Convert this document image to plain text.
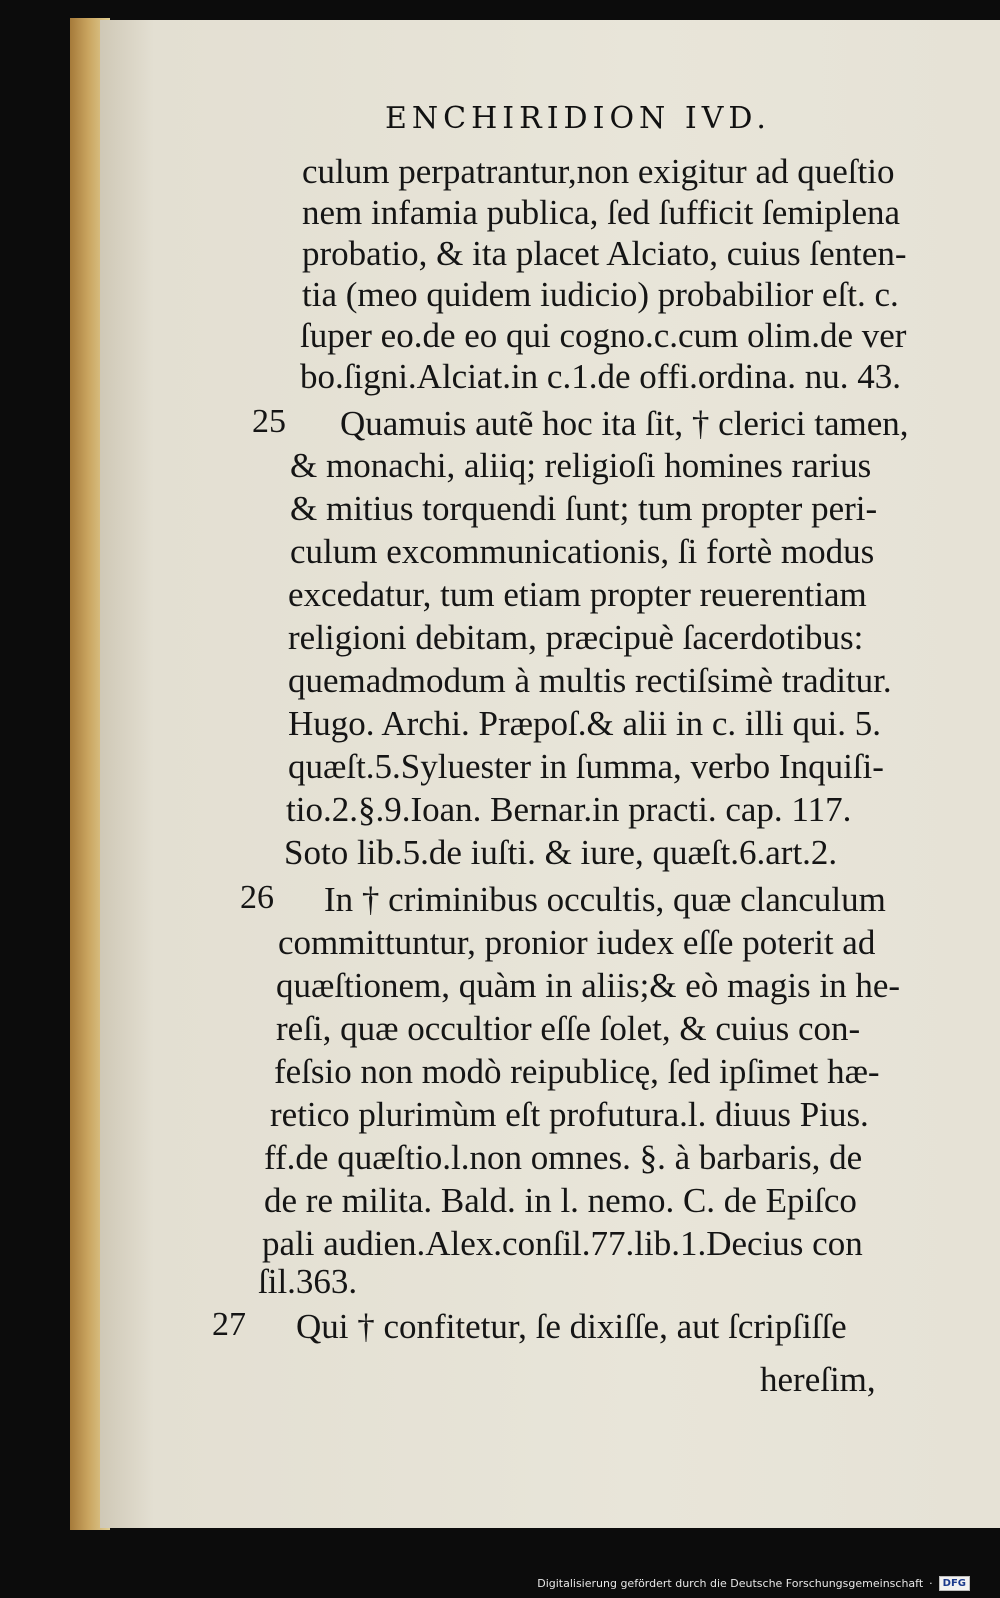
ENCHIRIDION IVD.
culum perpatrantur,non exigitur ad queſtio
nem infamia publica, ſed ſufficit ſemiplena
probatio, & ita placet Alciato, cuius ſenten-
tia (meo quidem iudicio) probabilior eſt. c.
ſuper eo.de eo qui cogno.c.cum olim.de ver
bo.ſigni.Alciat.in c.1.de offi.ordina. nu. 43.
Quamuis autẽ hoc ita ſit, † clerici tamen,
& monachi, aliiq; religioſi homines rarius
& mitius torquendi ſunt; tum propter peri-
culum excommunicationis, ſi fortè modus
excedatur, tum etiam propter reuerentiam
religioni debitam, præcipuè ſacerdotibus:
quemadmodum à multis rectiſsimè traditur.
Hugo. Archi. Præpoſ.& alii in c. illi qui. 5.
quæſt.5.Syluester in ſumma, verbo Inquiſi-
tio.2.§.9.Ioan. Bernar.in practi. cap. 117.
Soto lib.5.de iuſti. & iure, quæſt.6.art.2.
In † criminibus occultis, quæ clanculum
committuntur, pronior iudex eſſe poterit ad
quæſtionem, quàm in aliis;& eò magis in he-
reſi, quæ occultior eſſe ſolet, & cuius con-
feſsio non modò reipublicę, ſed ipſimet hæ-
retico plurimùm eſt profutura.l. diuus Pius.
ff.de quæſtio.l.non omnes. §. à barbaris, de
de re milita. Bald. in l. nemo. C. de Epiſco
pali audien.Alex.conſil.77.lib.1.Decius con
ſil.363.
Qui † confitetur, ſe dixiſſe, aut ſcripſiſſe
25
26
27
hereſim,
Digitalisierung gefördert durch die Deutsche Forschungsgemeinschaft ·	DFG
